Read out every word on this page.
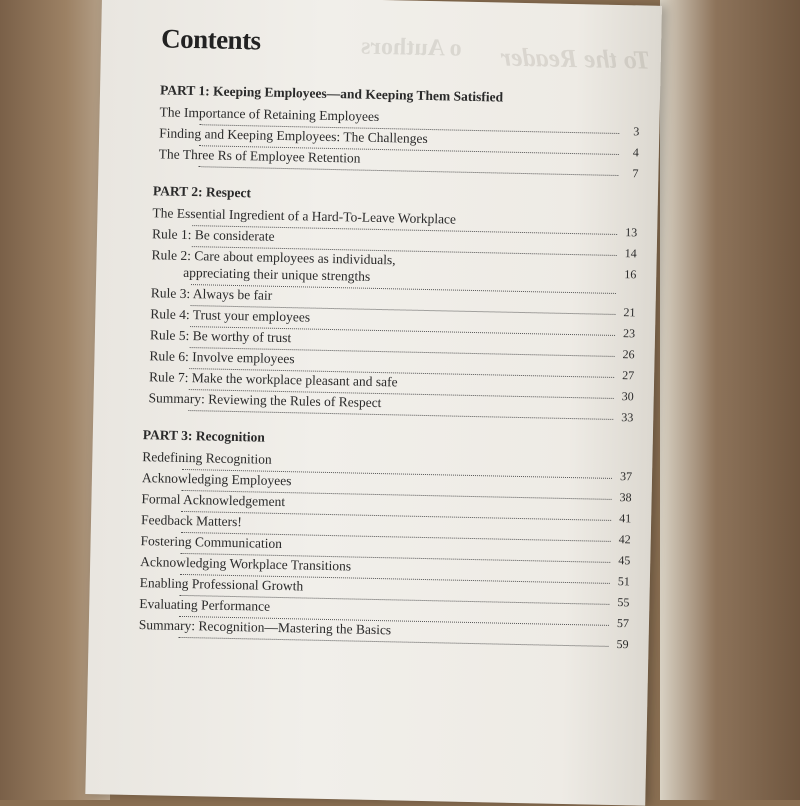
To the Reader
o Authors
Contents
PART 1: Keeping Employees—and Keeping Them Satisfied
The Importance of Retaining Employees
3
Finding and Keeping Employees: The Challenges
4
The Three Rs of Employee Retention
7
PART 2: Respect
The Essential Ingredient of a Hard-To-Leave Workplace
13
Rule 1: Be considerate
14
Rule 2: Care about employees as individuals,
appreciating their unique strengths	16
Rule 3: Always be fair
21
Rule 4: Trust your employees
23
Rule 5: Be worthy of trust
26
Rule 6: Involve employees
27
Rule 7: Make the workplace pleasant and safe
30
Summary: Reviewing the Rules of Respect
33
PART 3: Recognition
Redefining Recognition
37
Acknowledging Employees
38
Formal Acknowledgement
41
Feedback Matters!
42
Fostering Communication
45
Acknowledging Workplace Transitions
51
Enabling Professional Growth
55
Evaluating Performance
57
Summary: Recognition—Mastering the Basics
59
